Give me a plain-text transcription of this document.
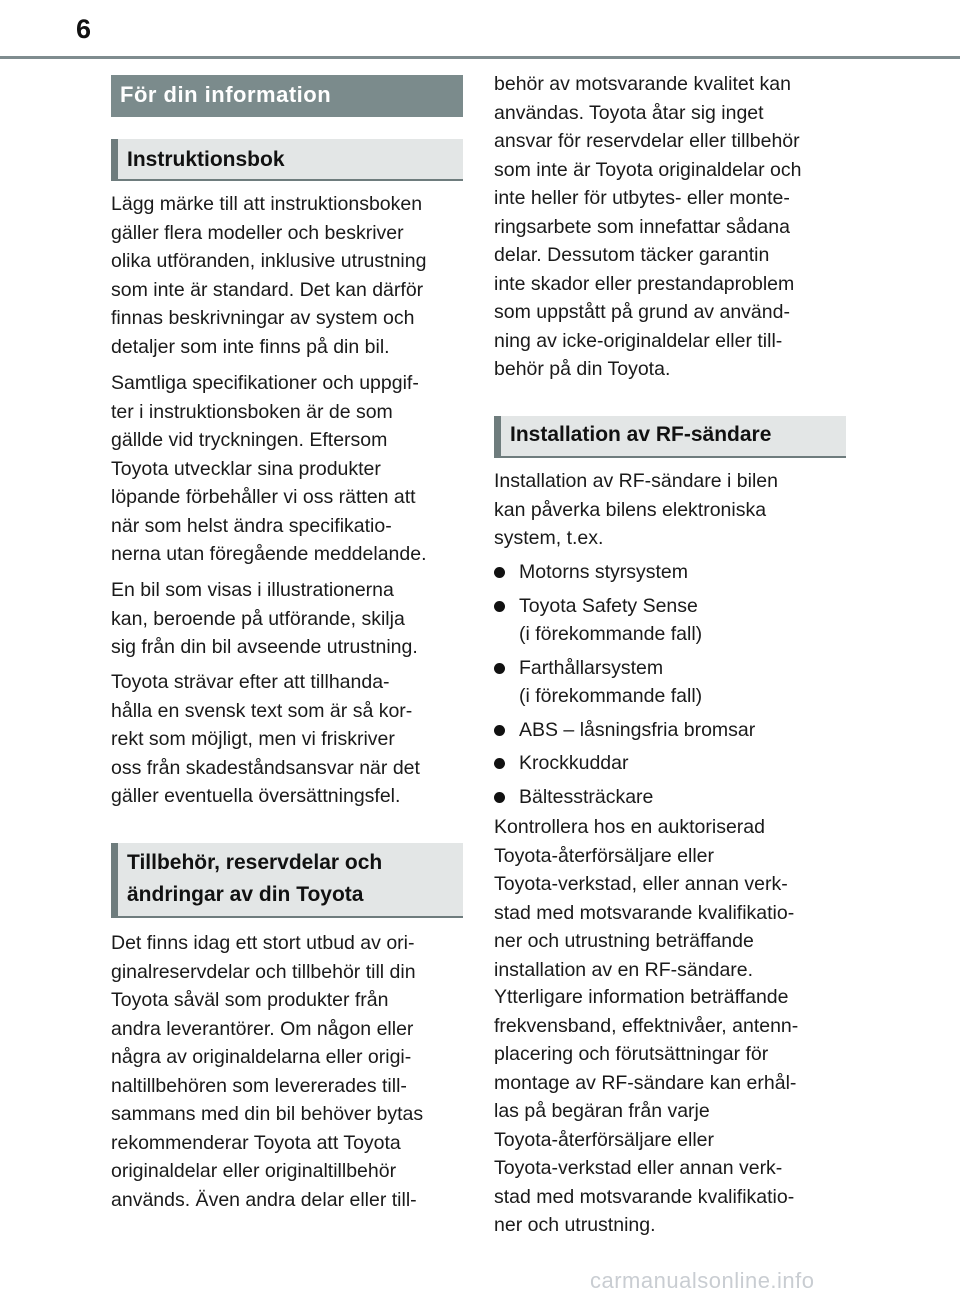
6
För din information
Instruktionsbok

Lägg märke till att instruktionsboken
gäller flera modeller och beskriver
olika utföranden, inklusive utrustning
som inte är standard. Det kan därför
finnas beskrivningar av system och
detaljer som inte finns på din bil.

Samtliga specifikationer och uppgif-
ter i instruktionsboken är de som
gällde vid tryckningen. Eftersom
Toyota utvecklar sina produkter
löpande förbehåller vi oss rätten att
när som helst ändra specifikatio-
nerna utan föregående meddelande.

En bil som visas i illustrationerna
kan, beroende på utförande, skilja
sig från din bil avseende utrustning.

Toyota strävar efter att tillhanda-
hålla en svensk text som är så kor-
rekt som möjligt, men vi friskriver
oss från skadeståndsansvar när det
gäller eventuella översättningsfel.

Tillbehör, reservdelar och
ändringar av din Toyota

Det finns idag ett stort utbud av ori-
ginalreservdelar och tillbehör till din
Toyota såväl som produkter från
andra leverantörer. Om någon eller
några av originaldelarna eller origi-
naltillbehören som levererades till-
sammans med din bil behöver bytas
rekommenderar Toyota att Toyota
originaldelar eller originaltillbehör
används. Även andra delar eller till-

behör av motsvarande kvalitet kan
användas. Toyota åtar sig inget
ansvar för reservdelar eller tillbehör
som inte är Toyota originaldelar och
inte heller för utbytes- eller monte-
ringsarbete som innefattar sådana
delar. Dessutom täcker garantin
inte skador eller prestandaproblem
som uppstått på grund av använd-
ning av icke-originaldelar eller till-
behör på din Toyota.

Installation av RF-sändare

Installation av RF-sändare i bilen
kan påverka bilens elektroniska
system, t.ex.

Motorns styrsystem
Toyota Safety Sense
(i förekommande fall)
Farthållarsystem
(i förekommande fall)
ABS – låsningsfria bromsar
Krockkuddar
Bältessträckare

Kontrollera hos en auktoriserad
Toyota-återförsäljare eller
Toyota-verkstad, eller annan verk-
stad med motsvarande kvalifikatio-
ner och utrustning beträffande
installation av en RF-sändare.

Ytterligare information beträffande
frekvensband, effektnivåer, antenn-
placering och förutsättningar för
montage av RF-sändare kan erhål-
las på begäran från varje
Toyota-återförsäljare eller
Toyota-verkstad eller annan verk-
stad med motsvarande kvalifikatio-
ner och utrustning.

carmanualsonline.info
